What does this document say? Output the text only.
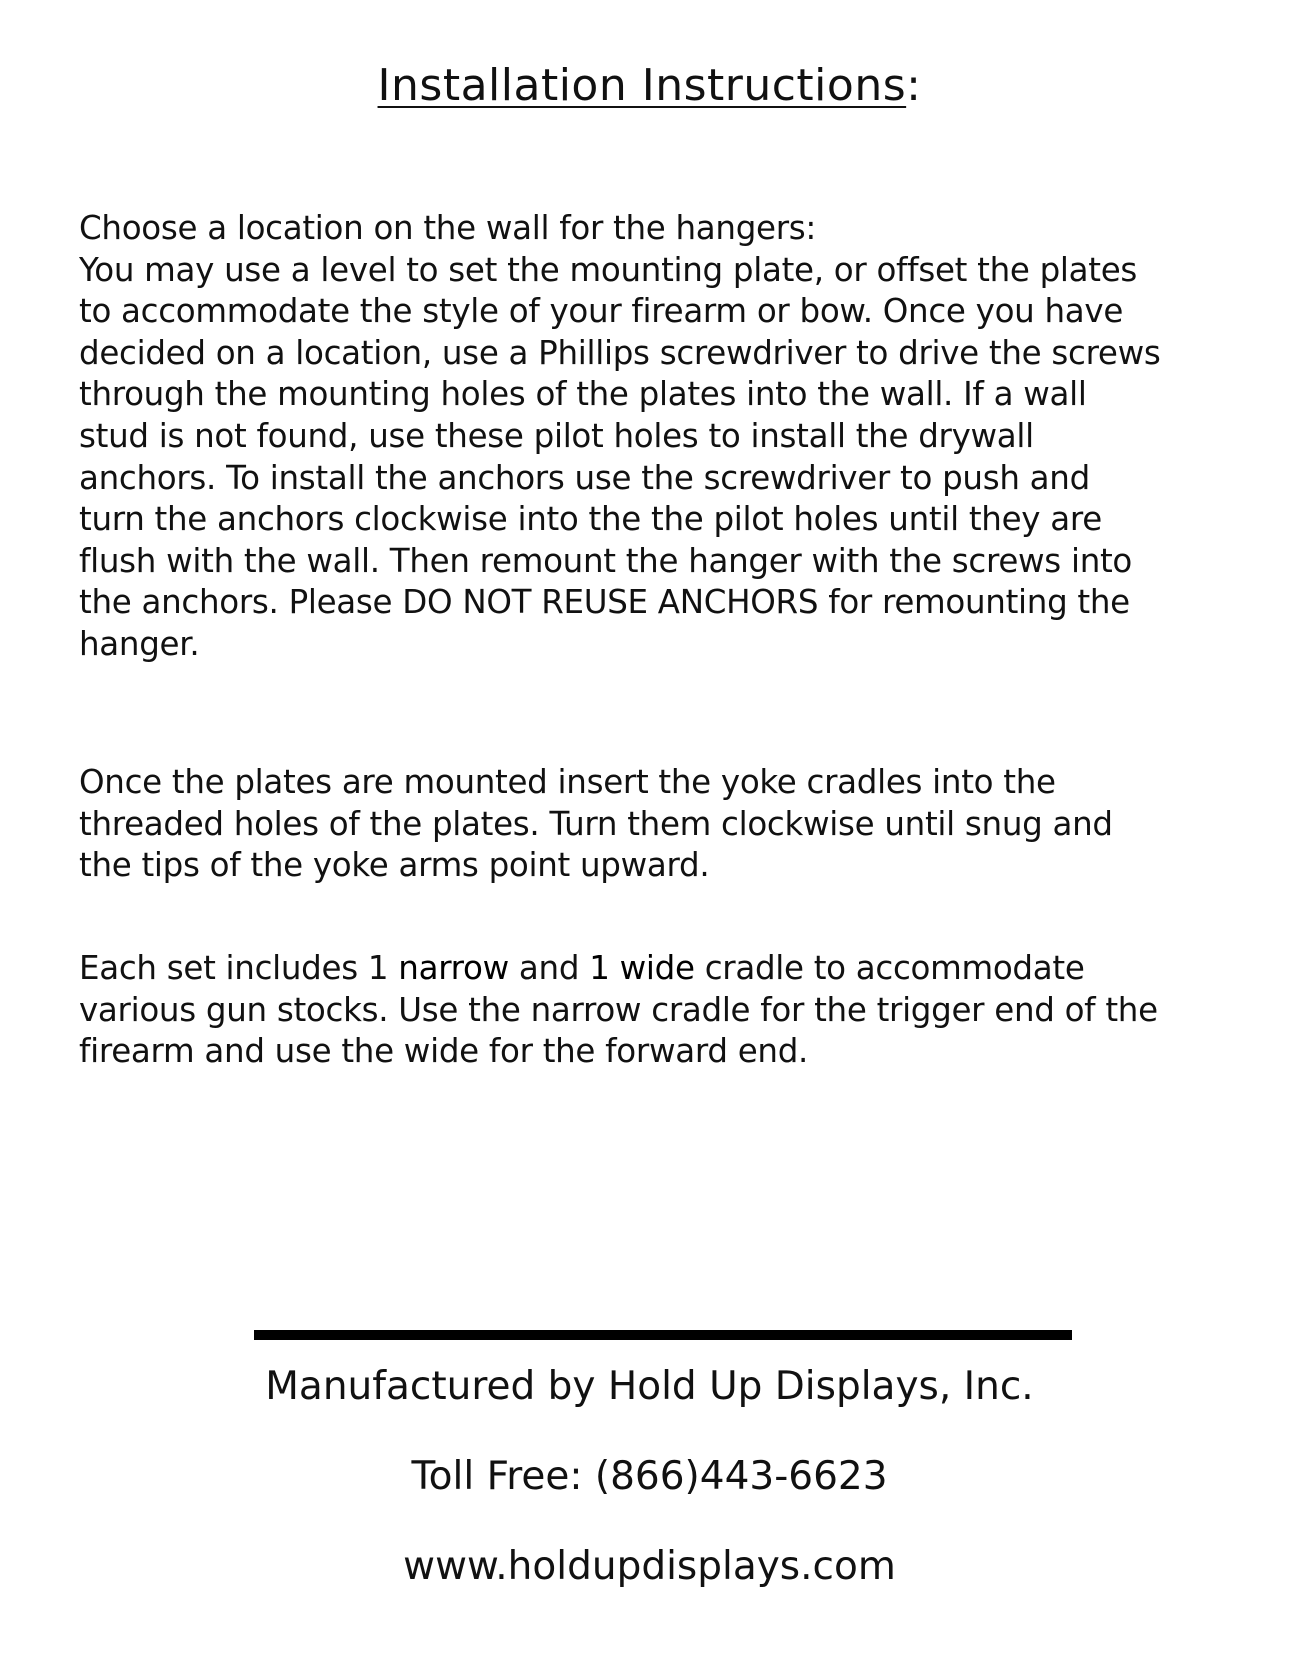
Installation Instructions:
Choose a location on the wall for the hangers:
You may use a level to set the mounting plate, or offset the plates
to accommodate the style of your firearm or bow. Once you have
decided on a location, use a Phillips screwdriver to drive the screws
through the mounting holes of the plates into the wall. If a wall
stud is not found, use these pilot holes to install the drywall
anchors. To install the anchors use the screwdriver to push and
turn the anchors clockwise into the the pilot holes until they are
flush with the wall. Then remount the hanger with the screws into
the anchors. Please DO NOT REUSE ANCHORS for remounting the
hanger.
Once the plates are mounted insert the yoke cradles into the
threaded holes of the plates. Turn them clockwise until snug and
the tips of the yoke arms point upward.
Each set includes 1 narrow and 1 wide cradle to accommodate
various gun stocks. Use the narrow cradle for the trigger end of the
firearm and use the wide for the forward end.
Manufactured by Hold Up Displays, Inc.

Toll Free: (866)443-6623

www.holdupdisplays.com
